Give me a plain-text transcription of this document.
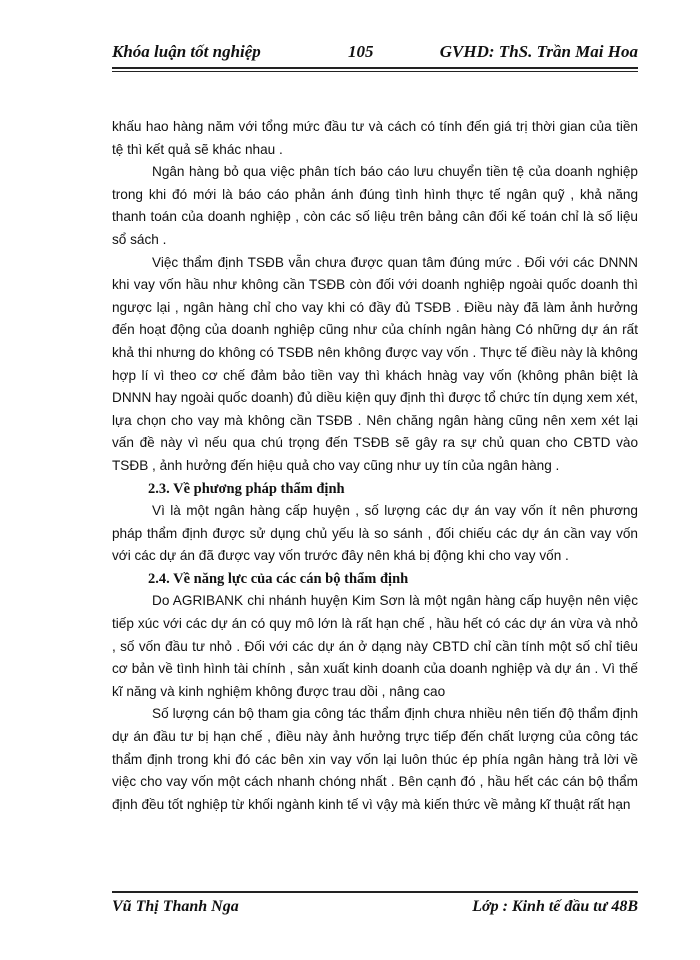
Khóa luận tốt nghiệp	105	GVHD: ThS. Trần Mai Hoa

khấu hao hàng năm với tổng mức đầu tư và cách có tính đến giá trị thời gian của tiền tệ thì kết quả sẽ khác nhau .

Ngân hàng bỏ qua việc phân tích báo cáo lưu chuyển tiền tệ của doanh nghiệp trong khi đó mới là báo cáo phản ánh đúng tình hình thực tế ngân quỹ , khả năng thanh toán của doanh nghiệp , còn các số liệu trên bảng cân đối kế toán chỉ là số liệu sổ sách .

Việc thẩm định TSĐB vẫn chưa được quan tâm đúng mức . Đối với các DNNN khi vay vốn hầu như không cần TSĐB còn đối với doanh nghiệp ngoài quốc doanh thì ngược lại , ngân hàng chỉ cho vay khi có đầy đủ TSĐB . Điều này đã làm ảnh hưởng đến hoạt động của doanh nghiệp cũng như của chính ngân hàng Có những dự án rất khả thi nhưng do không có TSĐB nên không được vay vốn . Thực tế điều này là không hợp lí vì theo cơ chế đảm bảo tiền vay thì khách hnàg vay vốn (không phân biệt là DNNN hay ngoài quốc doanh) đủ diều kiện quy định thì được tổ chức tín dụng xem xét, lựa chọn cho vay mà không cần TSĐB . Nên chăng ngân hàng cũng nên xem xét lại vấn đề này vì nếu qua chú trọng đến TSĐB sẽ gây ra sự chủ quan cho CBTD vào TSĐB , ảnh hưởng đến hiệu quả cho vay cũng như uy tín của ngân hàng .

2.3. Về phương pháp thẩm định

Vì là một ngân hàng cấp huyện , số lượng các dự án vay vốn ít nên phương pháp thẩm định được sử dụng chủ yếu là so sánh , đối chiếu các dự án cần vay vốn với các dự án đã được vay vốn trước đây nên khá bị động khi cho vay vốn .

2.4. Về năng lực của các cán bộ thẩm định

Do AGRIBANK chi nhánh huyện Kim Sơn là một ngân hàng cấp huyện nên việc tiếp xúc với các dự án có quy mô lớn là rất hạn chế , hầu hết có các dự án vừa và nhỏ , số vốn đầu tư nhỏ . Đối với các dự án ở dạng này CBTD chỉ cần tính một số chỉ tiêu cơ bản về tình hình tài chính , sản xuất kinh doanh của doanh nghiệp và dự án . Vì thế kĩ năng và kinh nghiệm không được trau dồi , nâng cao

Số lượng cán bộ tham gia công tác thẩm định chưa nhiều nên tiến độ thẩm định dự án đầu tư bị hạn chế , điều này ảnh hưởng trực tiếp đến chất lượng của công tác thẩm định trong khi đó các bên xin vay vốn lại luôn thúc ép phía ngân hàng trả lời về việc cho vay vốn một cách nhanh chóng nhất . Bên cạnh đó , hầu hết các cán bộ thẩm định đều tốt nghiệp từ khối ngành kinh tế vì vậy mà kiến thức về mảng kĩ thuật rất hạn

Vũ Thị Thanh Nga	Lớp : Kinh tế đầu tư 48B
